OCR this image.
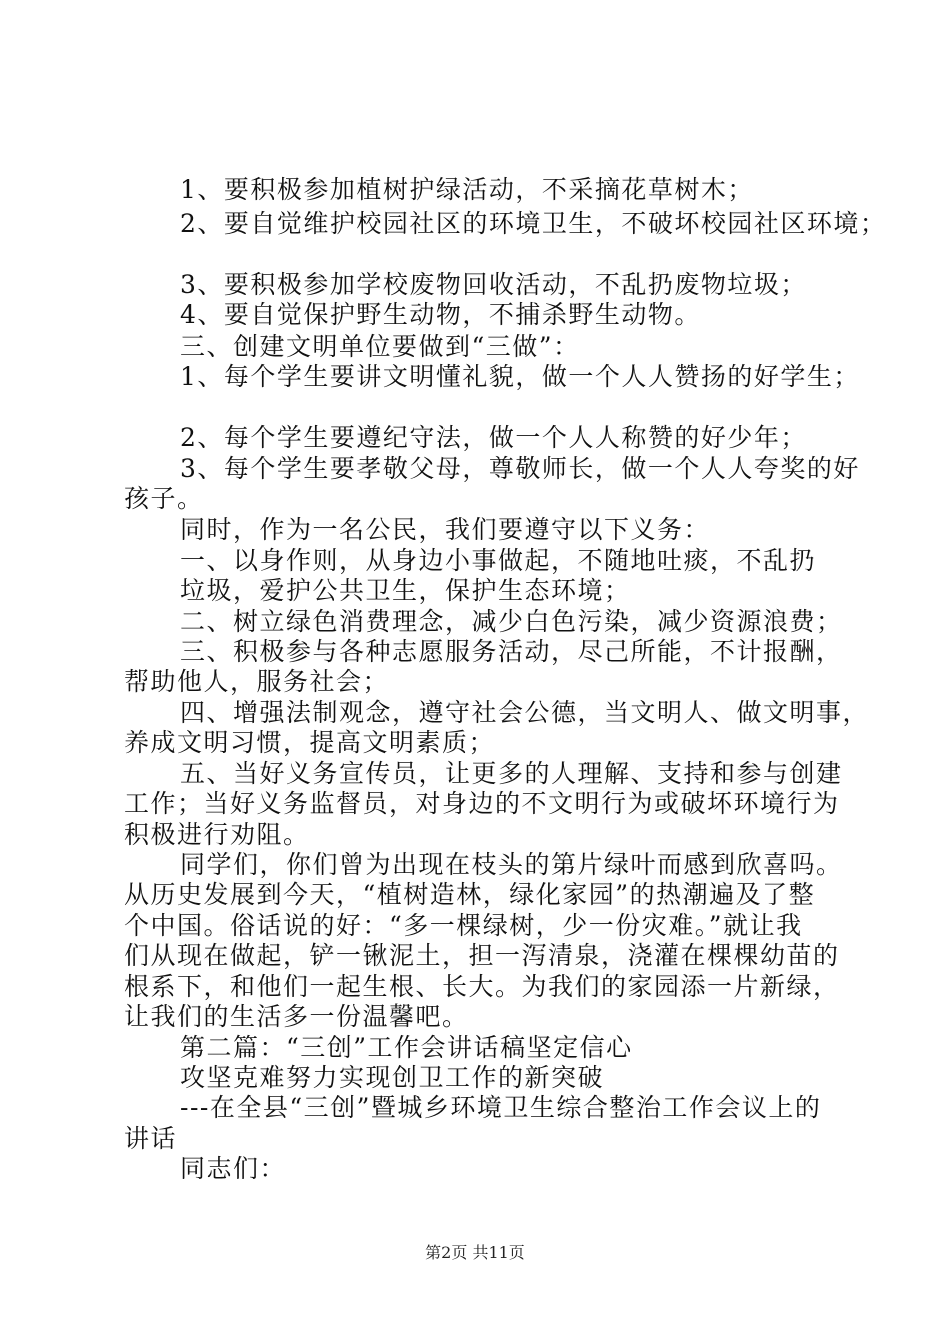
1、要积极参加植树护绿活动，不采摘花草树木；
2、要自觉维护校园社区的环境卫生，不破坏校园社区环境；
3、要积极参加学校废物回收活动，不乱扔废物垃圾；
4、要自觉保护野生动物，不捕杀野生动物。
三、创建文明单位要做到“三做”：
1、每个学生要讲文明懂礼貌，做一个人人赞扬的好学生；
2、每个学生要遵纪守法，做一个人人称赞的好少年；
3、每个学生要孝敬父母，尊敬师长，做一个人人夸奖的好
孩子。
同时，作为一名公民，我们要遵守以下义务：
一、以身作则，从身边小事做起，不随地吐痰，不乱扔
垃圾，爱护公共卫生，保护生态环境；
二、树立绿色消费理念，减少白色污染，减少资源浪费；
三、积极参与各种志愿服务活动，尽己所能，不计报酬，
帮助他人，服务社会；
四、增强法制观念，遵守社会公德，当文明人、做文明事，
养成文明习惯，提高文明素质；
五、当好义务宣传员，让更多的人理解、支持和参与创建
工作；当好义务监督员，对身边的不文明行为或破坏环境行为
积极进行劝阻。
同学们，你们曾为出现在枝头的第片绿叶而感到欣喜吗。
从历史发展到今天，“植树造林，绿化家园”的热潮遍及了整
个中国。俗话说的好：“多一棵绿树，少一份灾难。”就让我
们从现在做起，铲一锹泥土，担一泻清泉，浇灌在棵棵幼苗的
根系下，和他们一起生根、长大。为我们的家园添一片新绿，
让我们的生活多一份温馨吧。
第二篇：“三创”工作会讲话稿坚定信心
攻坚克难努力实现创卫工作的新突破
---在全县“三创”暨城乡环境卫生综合整治工作会议上的
讲话
同志们：
第2页 共11页
